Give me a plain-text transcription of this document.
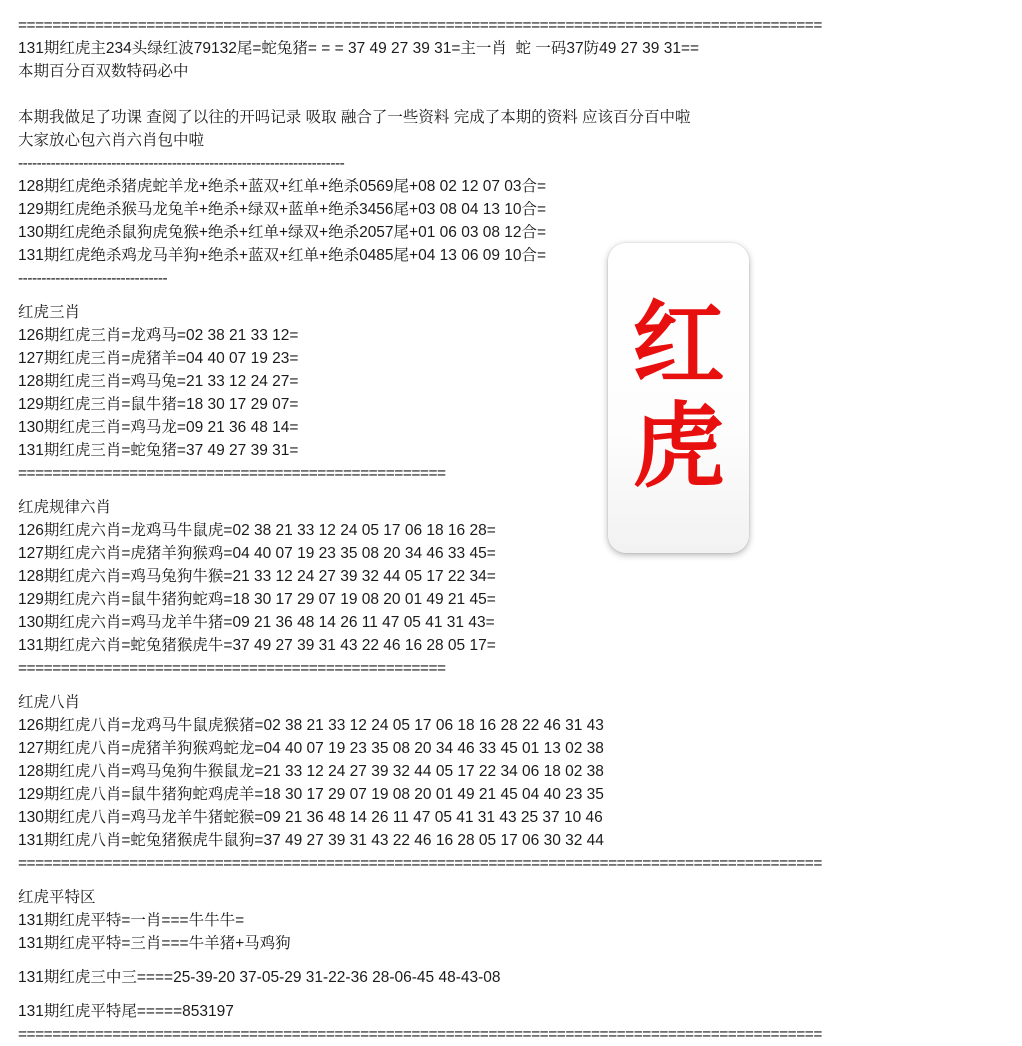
红
虎
==============================================================================================
131期红虎主234头绿红波79132尾=蛇兔猪= = = 37 49 27 39 31=主一肖  蛇 一码37防49 27 39 31==
本期百分百双数特码必中
本期我做足了功课 查阅了以往的开吗记录 吸取 融合了一些资料 完成了本期的资料 应该百分百中啦
大家放心包六肖六肖包中啦
----------------------------------------------------------------------
128期红虎绝杀猪虎蛇羊龙+绝杀+蓝双+红单+绝杀0569尾+08 02 12 07 03合=
129期红虎绝杀猴马龙兔羊+绝杀+绿双+蓝单+绝杀3456尾+03 08 04 13 10合=
130期红虎绝杀鼠狗虎兔猴+绝杀+红单+绿双+绝杀2057尾+01 06 03 08 12合=
131期红虎绝杀鸡龙马羊狗+绝杀+蓝双+红单+绝杀0485尾+04 13 06 09 10合=
--------------------------------
红虎三肖
126期红虎三肖=龙鸡马=02 38 21 33 12=
127期红虎三肖=虎猪羊=04 40 07 19 23=
128期红虎三肖=鸡马兔=21 33 12 24 27=
129期红虎三肖=鼠牛猪=18 30 17 29 07=
130期红虎三肖=鸡马龙=09 21 36 48 14=
131期红虎三肖=蛇兔猪=37 49 27 39 31=
==================================================
红虎规律六肖
126期红虎六肖=龙鸡马牛鼠虎=02 38 21 33 12 24 05 17 06 18 16 28=
127期红虎六肖=虎猪羊狗猴鸡=04 40 07 19 23 35 08 20 34 46 33 45=
128期红虎六肖=鸡马兔狗牛猴=21 33 12 24 27 39 32 44 05 17 22 34=
129期红虎六肖=鼠牛猪狗蛇鸡=18 30 17 29 07 19 08 20 01 49 21 45=
130期红虎六肖=鸡马龙羊牛猪=09 21 36 48 14 26 11 47 05 41 31 43=
131期红虎六肖=蛇兔猪猴虎牛=37 49 27 39 31 43 22 46 16 28 05 17=
==================================================
红虎八肖
126期红虎八肖=龙鸡马牛鼠虎猴猪=02 38 21 33 12 24 05 17 06 18 16 28 22 46 31 43
127期红虎八肖=虎猪羊狗猴鸡蛇龙=04 40 07 19 23 35 08 20 34 46 33 45 01 13 02 38
128期红虎八肖=鸡马兔狗牛猴鼠龙=21 33 12 24 27 39 32 44 05 17 22 34 06 18 02 38
129期红虎八肖=鼠牛猪狗蛇鸡虎羊=18 30 17 29 07 19 08 20 01 49 21 45 04 40 23 35
130期红虎八肖=鸡马龙羊牛猪蛇猴=09 21 36 48 14 26 11 47 05 41 31 43 25 37 10 46
131期红虎八肖=蛇兔猪猴虎牛鼠狗=37 49 27 39 31 43 22 46 16 28 05 17 06 30 32 44
==============================================================================================
红虎平特区
131期红虎平特=一肖===牛牛牛=
131期红虎平特=三肖===牛羊猪+马鸡狗
131期红虎三中三====25-39-20 37-05-29 31-22-36 28-06-45 48-43-08
131期红虎平特尾=====853197
==============================================================================================
